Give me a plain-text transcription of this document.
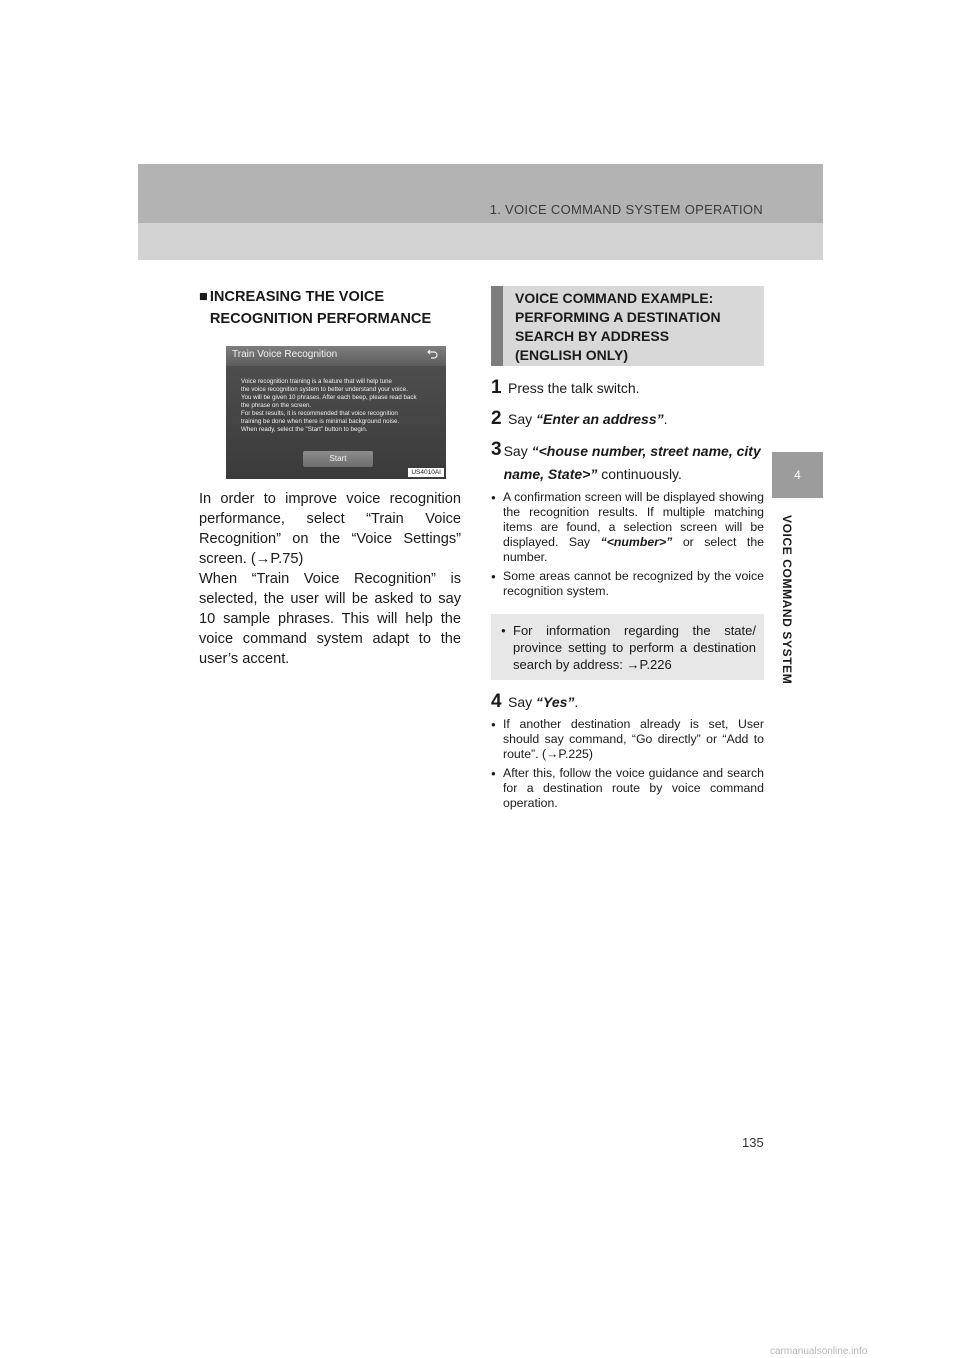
1. VOICE COMMAND SYSTEM OPERATION
4
VOICE COMMAND SYSTEM
■ INCREASING THE VOICE RECOGNITION PERFORMANCE
Train Voice Recognition
Voice recognition training is a feature that will help tune
the voice recognition system to better understand your voice.
You will be given 10 phrases. After each beep, please read back
the phrase on the screen.
For best results, it is recommended that voice recognition
training be done when there is minimal background noise.
When ready, select the "Start" button to begin.
Start
US4010AI

In order to improve voice recognition performance, select “Train Voice Recognition” on the “Voice Settings” screen. (→P.75)

When “Train Voice Recognition” is selected, the user will be asked to say 10 sample phrases. This will help the voice command system adapt to the user’s accent.

VOICE COMMAND EXAMPLE:
PERFORMING A DESTINATION
SEARCH BY ADDRESS
(ENGLISH ONLY)
1 Press the talk switch.
2 Say “Enter an address”.
3 Say “<house number, street name, city name, State>” continuously.
● A confirmation screen will be displayed showing the recognition results. If multiple matching items are found, a selection screen will be displayed. Say “<number>” or select the number.
● Some areas cannot be recognized by the voice recognition system.
● For information regarding the state/ province setting to perform a destination search by address: →P.226
4 Say “Yes”.
● If another destination already is set, User should say command, “Go directly” or “Add to route”. (→P.225)
● After this, follow the voice guidance and search for a destination route by voice command operation.
135
carmanualsonline.info
